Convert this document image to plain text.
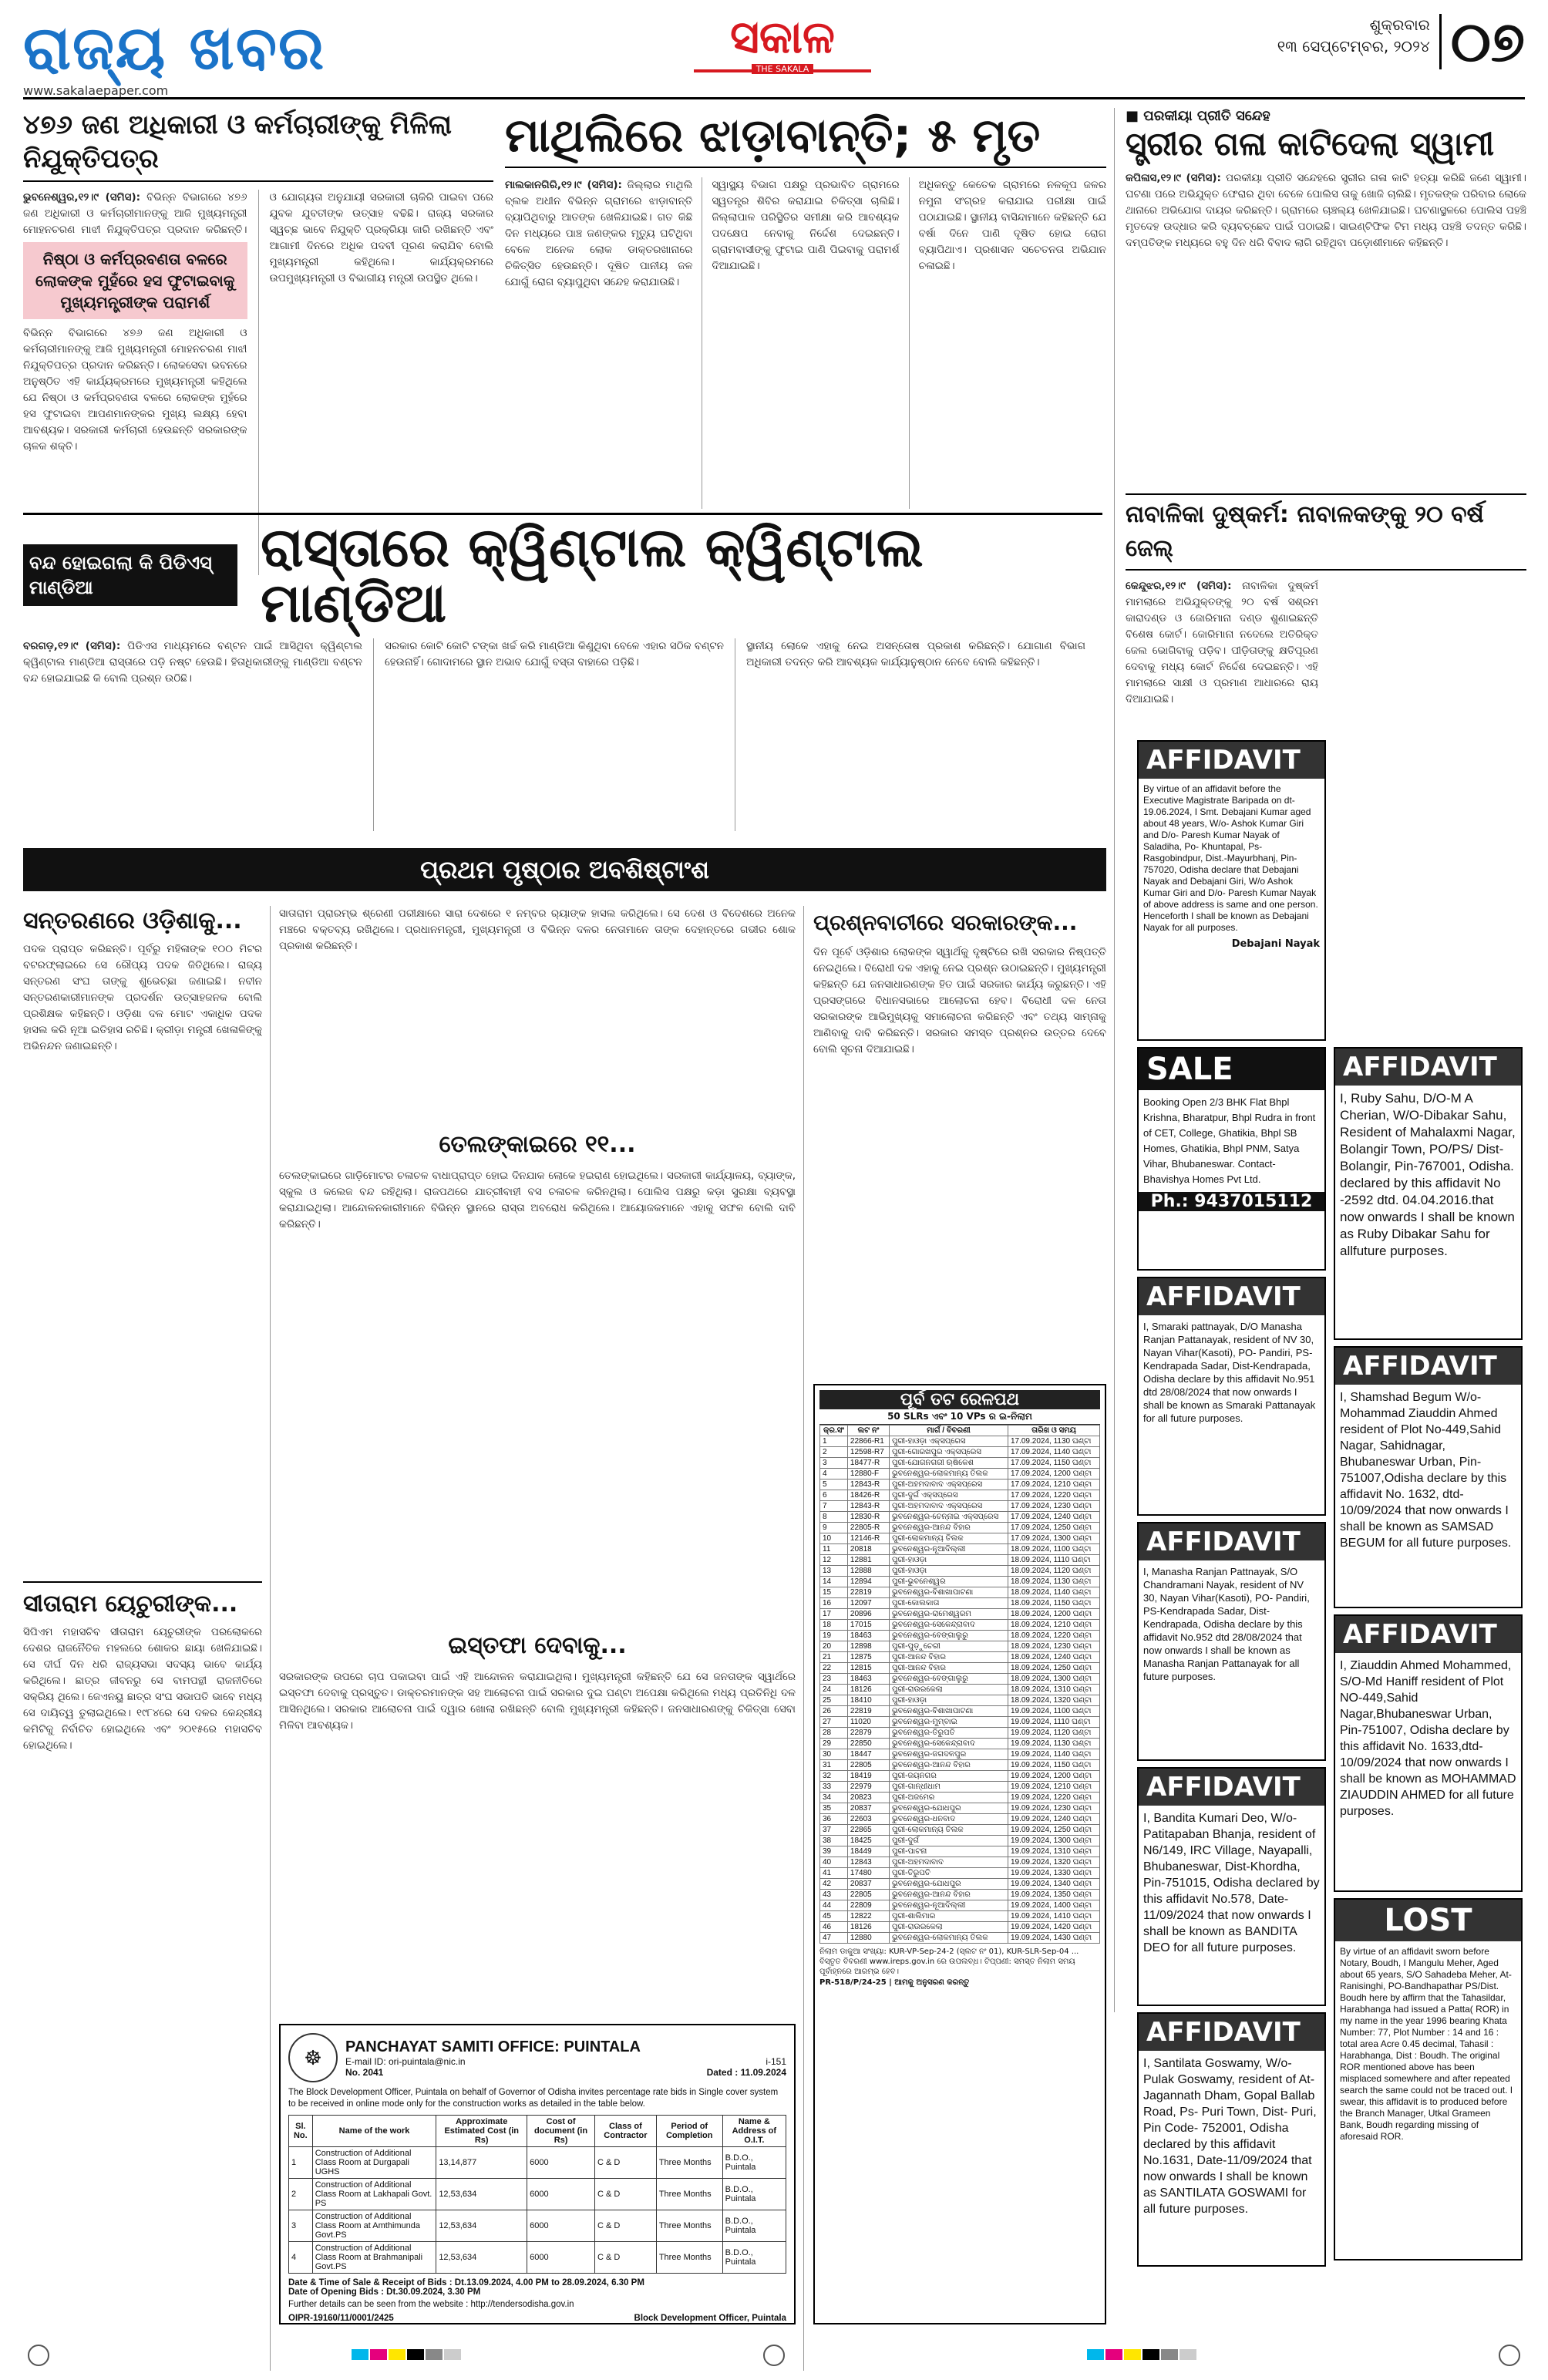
ରାଜ୍ୟ ଖବର
www.sakalaepaper.com
ସକାଳ
THE SAKALA
ଶୁକ୍ରବାର
୧୩ ସେପ୍ଟେମ୍ବର, ୨୦୨୪ ୦୭
୪୭୬ ଜଣ ଅଧିକାରୀ ଓ କର୍ମଚାରୀଙ୍କୁ ମିଳିଲା ନିଯୁକ୍ତିପତ୍ର
ଭୁବନେଶ୍ୱର,୧୨।୯ (ସମିସ): ବିଭିନ୍ନ ବିଭାଗରେ ୪୭୬ ଜଣ ଅଧିକାରୀ ଓ କର୍ମଚାରୀମାନଙ୍କୁ ଆଜି ମୁଖ୍ୟମନ୍ତ୍ରୀ ମୋହନଚରଣ ମାଝୀ ନିଯୁକ୍ତିପତ୍ର ପ୍ରଦାନ କରିଛନ୍ତି।
ନିଷ୍ଠା ଓ କର୍ମପ୍ରବଣତା ବଳରେ ଲୋକଙ୍କ ମୁହଁରେ ହସ ଫୁଟାଇବାକୁ ମୁଖ୍ୟମନ୍ତ୍ରୀଙ୍କ ପରାମର୍ଶ
ବିଭିନ୍ନ ବିଭାଗରେ ୪୭୬ ଜଣ ଅଧିକାରୀ ଓ କର୍ମଚାରୀମାନଙ୍କୁ ଆଜି ମୁଖ୍ୟମନ୍ତ୍ରୀ ମୋହନଚରଣ ମାଝୀ ନିଯୁକ୍ତିପତ୍ର ପ୍ରଦାନ କରିଛନ୍ତି। ଲୋକସେବା ଭବନରେ ଅନୁଷ୍ଠିତ ଏହି କାର୍ଯ୍ୟକ୍ରମରେ ମୁଖ୍ୟମନ୍ତ୍ରୀ କହିଥିଲେ ଯେ ନିଷ୍ଠା ଓ କର୍ମପ୍ରବଣତା ବଳରେ ଲୋକଙ୍କ ମୁହଁରେ ହସ ଫୁଟାଇବା ଆପଣମାନଙ୍କର ମୁଖ୍ୟ ଲକ୍ଷ୍ୟ ହେବା ଆବଶ୍ୟକ। ସରକାରୀ କର୍ମଚାରୀ ହେଉଛନ୍ତି ସରକାରଙ୍କ ଚାଳକ ଶକ୍ତି।
ଓ ଯୋଗ୍ୟତା ଅନୁଯାୟୀ ସରକାରୀ ଚାକିରି ପାଇବା ପରେ ଯୁବକ ଯୁବତୀଙ୍କ ଉତ୍ସାହ ବଢିଛି। ରାଜ୍ୟ ସରକାର ସ୍ୱଚ୍ଛ ଭାବେ ନିଯୁକ୍ତି ପ୍ରକ୍ରିୟା ଜାରି ରଖିଛନ୍ତି ଏବଂ ଆଗାମୀ ଦିନରେ ଅଧିକ ପଦବୀ ପୂରଣ କରାଯିବ ବୋଲି ମୁଖ୍ୟମନ୍ତ୍ରୀ କହିଥିଲେ। କାର୍ଯ୍ୟକ୍ରମରେ ଉପମୁଖ୍ୟମନ୍ତ୍ରୀ ଓ ବିଭାଗୀୟ ମନ୍ତ୍ରୀ ଉପସ୍ଥିତ ଥିଲେ।
ମାଥିଲିରେ ଝାଡ଼ାବାନ୍ତି; ୫ ମୃତ
ମାଲକାନଗିରି,୧୨।୯ (ସମିସ): ଜିଲ୍ଲାର ମାଥିଲି ବ୍ଲକ ଅଧୀନ ବିଭିନ୍ନ ଗ୍ରାମରେ ଝାଡ଼ାବାନ୍ତି ବ୍ୟାପିଥିବାରୁ ଆତଙ୍କ ଖେଳିଯାଇଛି। ଗତ କିଛି ଦିନ ମଧ୍ୟରେ ପାଞ୍ଚ ଜଣଙ୍କର ମୃତ୍ୟୁ ଘଟିଥିବା ବେଳେ ଅନେକ ଲୋକ ଡାକ୍ତରଖାନାରେ ଚିକିତ୍ସିତ ହେଉଛନ୍ତି। ଦୂଷିତ ପାନୀୟ ଜଳ ଯୋଗୁଁ ରୋଗ ବ୍ୟାପୁଥିବା ସନ୍ଦେହ କରାଯାଉଛି।
ସ୍ୱାସ୍ଥ୍ୟ ବିଭାଗ ପକ୍ଷରୁ ପ୍ରଭାବିତ ଗ୍ରାମରେ ସ୍ୱତନ୍ତ୍ର ଶିବିର କରାଯାଇ ଚିକିତ୍ସା ଚାଲିଛି। ଜିଲ୍ଲାପାଳ ପରିସ୍ଥିତିର ସମୀକ୍ଷା କରି ଆବଶ୍ୟକ ପଦକ୍ଷେପ ନେବାକୁ ନିର୍ଦ୍ଦେଶ ଦେଇଛନ୍ତି। ଗ୍ରାମବାସୀଙ୍କୁ ଫୁଟାଇ ପାଣି ପିଇବାକୁ ପରାମର୍ଶ ଦିଆଯାଇଛି।
ଅଧିକନ୍ତୁ କେତେକ ଗ୍ରାମରେ ନଳକୂପ ଜଳର ନମୁନା ସଂଗ୍ରହ କରାଯାଇ ପରୀକ୍ଷା ପାଇଁ ପଠାଯାଇଛି। ସ୍ଥାନୀୟ ବାସିନ୍ଦାମାନେ କହିଛନ୍ତି ଯେ ବର୍ଷା ଦିନେ ପାଣି ଦୂଷିତ ହୋଇ ରୋଗ ବ୍ୟାପିଥାଏ। ପ୍ରଶାସନ ସଚେତନତା ଅଭିଯାନ ଚଳାଇଛି।
■ ପରକୀୟା ପ୍ରୀତି ସନ୍ଦେହ
ସ୍ତ୍ରୀର ଗଳା କାଟିଦେଲା ସ୍ୱାମୀ
କପିଳାସ,୧୨।୯ (ସମିସ): ପରକୀୟା ପ୍ରୀତି ସନ୍ଦେହରେ ସ୍ତ୍ରୀର ଗଳା କାଟି ହତ୍ୟା କରିଛି ଜଣେ ସ୍ୱାମୀ। ଘଟଣା ପରେ ଅଭିଯୁକ୍ତ ଫେରାର ଥିବା ବେଳେ ପୋଲିସ ତାକୁ ଖୋଜି ଚାଲିଛି। ମୃତକଙ୍କ ପରିବାର ଲୋକେ ଥାନାରେ ଅଭିଯୋଗ ଦାୟର କରିଛନ୍ତି। ଗ୍ରାମରେ ଚାଞ୍ଚଲ୍ୟ ଖେଳିଯାଇଛି। ଘଟଣାସ୍ଥଳରେ ପୋଲିସ ପହଞ୍ଚି ମୃତଦେହ ଉଦ୍ଧାର କରି ବ୍ୟବଚ୍ଛେଦ ପାଇଁ ପଠାଇଛି। ସାଇଣ୍ଟିଫିକ ଟିମ ମଧ୍ୟ ପହଞ୍ଚି ତଦନ୍ତ କରିଛି। ଦମ୍ପତିଙ୍କ ମଧ୍ୟରେ ବହୁ ଦିନ ଧରି ବିବାଦ ଲାଗି ରହିଥିବା ପଡ଼ୋଶୀମାନେ କହିଛନ୍ତି।
ନାବାଳିକା ଦୁଷ୍କର୍ମ: ନାବାଳକଙ୍କୁ ୨୦ ବର୍ଷ ଜେଲ୍
କେନ୍ଦୁଝର,୧୨।୯ (ସମିସ): ନାବାଳିକା ଦୁଷ୍କର୍ମ ମାମଲାରେ ଅଭିଯୁକ୍ତଙ୍କୁ ୨୦ ବର୍ଷ ସଶ୍ରମ କାରାଦଣ୍ଡ ଓ ଜୋରିମାନା ଦଣ୍ଡ ଶୁଣାଇଛନ୍ତି ବିଶେଷ କୋର୍ଟ। ଜୋରିମାନା ନଦେଲେ ଅତିରିକ୍ତ ଜେଲ ଭୋଗିବାକୁ ପଡ଼ିବ। ପୀଡ଼ିତାଙ୍କୁ କ୍ଷତିପୂରଣ ଦେବାକୁ ମଧ୍ୟ କୋର୍ଟ ନିର୍ଦ୍ଦେଶ ଦେଇଛନ୍ତି। ଏହି ମାମଲାରେ ସାକ୍ଷୀ ଓ ପ୍ରମାଣ ଆଧାରରେ ରାୟ ଦିଆଯାଇଛି।
ବନ୍ଦ ହୋଇଗଲା କି ପିଡିଏସ୍ ମାଣ୍ଡିଆ
ରାସ୍ତାରେ କ୍ୱିଣ୍ଟାଲ କ୍ୱିଣ୍ଟାଲ ମାଣ୍ଡିଆ
ବରଗଡ଼,୧୨।୯ (ସମିସ): ପିଡିଏସ ମାଧ୍ୟମରେ ବଣ୍ଟନ ପାଇଁ ଆସିଥିବା କ୍ୱିଣ୍ଟାଲ କ୍ୱିଣ୍ଟାଲ ମାଣ୍ଡିଆ ରାସ୍ତାରେ ପଡ଼ି ନଷ୍ଟ ହେଉଛି। ହିତାଧିକାରୀଙ୍କୁ ମାଣ୍ଡିଆ ବଣ୍ଟନ ବନ୍ଦ ହୋଇଯାଇଛି କି ବୋଲି ପ୍ରଶ୍ନ ଉଠିଛି।
ସରକାର କୋଟି କୋଟି ଟଙ୍କା ଖର୍ଚ୍ଚ କରି ମାଣ୍ଡିଆ କିଣୁଥିବା ବେଳେ ଏହାର ସଠିକ ବଣ୍ଟନ ହେଉନାହିଁ। ଗୋଦାମରେ ସ୍ଥାନ ଅଭାବ ଯୋଗୁଁ ବସ୍ତା ବାହାରେ ପଡ଼ିଛି।
ସ୍ଥାନୀୟ ଲୋକେ ଏହାକୁ ନେଇ ଅସନ୍ତୋଷ ପ୍ରକାଶ କରିଛନ୍ତି। ଯୋଗାଣ ବିଭାଗ ଅଧିକାରୀ ତଦନ୍ତ କରି ଆବଶ୍ୟକ କାର୍ଯ୍ୟାନୁଷ୍ଠାନ ନେବେ ବୋଲି କହିଛନ୍ତି।
ପ୍ରଥମ ପୃଷ୍ଠାର ଅବଶିଷ୍ଟାଂଶ
ସନ୍ତରଣରେ ଓଡ଼ିଶାକୁ...
ପଦକ ପ୍ରାପ୍ତ କରିଛନ୍ତି। ପୂର୍ବରୁ ମହିଳାଙ୍କ ୧୦୦ ମିଟର ବଟରଫ୍ଲାଇରେ ସେ ରୌପ୍ୟ ପଦକ ଜିତିଥିଲେ। ରାଜ୍ୟ ସନ୍ତରଣ ସଂଘ ତାଙ୍କୁ ଶୁଭେଚ୍ଛା ଜଣାଇଛି। ନବୀନ ସନ୍ତରଣକାରୀମାନଙ୍କ ପ୍ରଦର୍ଶନ ଉତ୍ସାହଜନକ ବୋଲି ପ୍ରଶିକ୍ଷକ କହିଛନ୍ତି। ଓଡ଼ିଶା ଦଳ ମୋଟ ଏକାଧିକ ପଦକ ହାସଲ କରି ନୂଆ ଇତିହାସ ରଚିଛି। କ୍ରୀଡ଼ା ମନ୍ତ୍ରୀ ଖେଳାଳିଙ୍କୁ ଅଭିନନ୍ଦନ ଜଣାଇଛନ୍ତି।
ସୀତାରାମ ୟେଚୁରୀଙ୍କ...
ସିପିଏମ ମହାସଚିବ ସୀତାରାମ ୟେଚୁରୀଙ୍କ ପରଲୋକରେ ଦେଶର ରାଜନୈତିକ ମହଲରେ ଶୋକର ଛାୟା ଖେଳିଯାଇଛି। ସେ ଦୀର୍ଘ ଦିନ ଧରି ରାଜ୍ୟସଭା ସଦସ୍ୟ ଭାବେ କାର୍ଯ୍ୟ କରିଥିଲେ। ଛାତ୍ର ଜୀବନରୁ ସେ ବାମପନ୍ଥୀ ରାଜନୀତିରେ ସକ୍ରିୟ ଥିଲେ। ଜେଏନୟୁ ଛାତ୍ର ସଂଘ ସଭାପତି ଭାବେ ମଧ୍ୟ ସେ ଦାୟିତ୍ୱ ତୁଲାଇଥିଲେ। ୧୯୮୪ରେ ସେ ଦଳର କେନ୍ଦ୍ରୀୟ କମିଟିକୁ ନିର୍ବାଚିତ ହୋଇଥିଲେ ଏବଂ ୨୦୧୫ରେ ମହାସଚିବ ହୋଇଥିଲେ।
ସାତାରାମ ପ୍ରାରମ୍ଭ ଶ୍ରେଣୀ ପରୀକ୍ଷାରେ ସାରା ଦେଶରେ ୧ ନମ୍ବର ର‍୍ୟାଙ୍କ ହାସଲ କରିଥିଲେ। ସେ ଦେଶ ଓ ବିଦେଶରେ ଅନେକ ମଞ୍ଚରେ ବକ୍ତବ୍ୟ ରଖିଥିଲେ। ପ୍ରଧାନମନ୍ତ୍ରୀ, ମୁଖ୍ୟମନ୍ତ୍ରୀ ଓ ବିଭିନ୍ନ ଦଳର ନେତାମାନେ ତାଙ୍କ ଦେହାନ୍ତରେ ଗଭୀର ଶୋକ ପ୍ରକାଶ କରିଛନ୍ତି।
ତେଲଙ୍କାଇରେ ୧୧...
ତେଲଙ୍କାଇରେ ଗାଡ଼ିମୋଟର ଚଳାଚଳ ବାଧାପ୍ରାପ୍ତ ହୋଇ ଦିନଯାକ ଲୋକେ ହଇରାଣ ହୋଇଥିଲେ। ସରକାରୀ କାର୍ଯ୍ୟାଳୟ, ବ୍ୟାଙ୍କ, ସ୍କୁଲ ଓ କଲେଜ ବନ୍ଦ ରହିଥିଲା। ରାଜପଥରେ ଯାତ୍ରୀବାହୀ ବସ ଚଳାଚଳ କରିନଥିଲା। ପୋଲିସ ପକ୍ଷରୁ କଡ଼ା ସୁରକ୍ଷା ବ୍ୟବସ୍ଥା କରାଯାଇଥିଲା। ଆନ୍ଦୋଳନକାରୀମାନେ ବିଭିନ୍ନ ସ୍ଥାନରେ ରାସ୍ତା ଅବରୋଧ କରିଥିଲେ। ଆୟୋଜକମାନେ ଏହାକୁ ସଫଳ ବୋଲି ଦାବି କରିଛନ୍ତି।
ଇସ୍ତଫା ଦେବାକୁ...
ସରକାରଙ୍କ ଉପରେ ଚାପ ପକାଇବା ପାଇଁ ଏହି ଆନ୍ଦୋଳନ କରାଯାଇଥିଲା। ମୁଖ୍ୟମନ୍ତ୍ରୀ କହିଛନ୍ତି ଯେ ସେ ଜନତାଙ୍କ ସ୍ୱାର୍ଥରେ ଇସ୍ତଫା ଦେବାକୁ ପ୍ରସ୍ତୁତ। ଡାକ୍ତରମାନଙ୍କ ସହ ଆଲୋଚନା ପାଇଁ ସରକାର ଦୁଇ ଘଣ୍ଟା ଅପେକ୍ଷା କରିଥିଲେ ମଧ୍ୟ ପ୍ରତିନିଧି ଦଳ ଆସିନଥିଲେ। ସରକାର ଆଲୋଚନା ପାଇଁ ଦ୍ୱାର ଖୋଲା ରଖିଛନ୍ତି ବୋଲି ମୁଖ୍ୟମନ୍ତ୍ରୀ କହିଛନ୍ତି। ଜନସାଧାରଣଙ୍କୁ ଚିକିତ୍ସା ସେବା ମିଳିବା ଆବଶ୍ୟକ।
☸	PANCHAYAT SAMITI OFFICE: PUINTALA
E-mail ID: ori-puintala@nic.in	i-151
No. 2041	Dated : 11.09.2024
The Block Development Officer, Puintala on behalf of Governor of Odisha invites percentage rate bids in Single cover system to be received in online mode only for the construction works as detailed in the table below.
Sl. No.	Name of the work	Approximate Estimated Cost (in Rs)	Cost of document (in Rs)	Class of Contractor	Period of Completion	Name & Address of O.I.T.
1	Construction of Additional Class Room at Durgapali UGHS	13,14,877	6000	C & D	Three Months	B.D.O., Puintala
2	Construction of Additional Class Room at Lakhapali Govt. PS	12,53,634	6000	C & D	Three Months	B.D.O., Puintala
3	Construction of Additional Class Room at Amthimunda Govt.PS	12,53,634	6000	C & D	Three Months	B.D.O., Puintala
4	Construction of Additional Class Room at Brahmanipali Govt.PS	12,53,634	6000	C & D	Three Months	B.D.O., Puintala
Date & Time of Sale & Receipt of Bids : Dt.13.09.2024, 4.00 PM to 28.09.2024, 6.30 PM
Date of Opening Bids : Dt.30.09.2024, 3.30 PM
Further details can be seen from the website : http://tendersodisha.gov.in
OIPR-19160/11/0001/2425	Block Development Officer, Puintala
ପ୍ରଶ୍ନବାଚୀରେ ସରକାରଙ୍କ...
ଦିନ ପୂର୍ବେ ଓଡ଼ିଶାର ଲୋକଙ୍କ ସ୍ୱାର୍ଥକୁ ଦୃଷ୍ଟିରେ ରଖି ସରକାର ନିଷ୍ପତ୍ତି ନେଇଥିଲେ। ବିରୋଧୀ ଦଳ ଏହାକୁ ନେଇ ପ୍ରଶ୍ନ ଉଠାଇଛନ୍ତି। ମୁଖ୍ୟମନ୍ତ୍ରୀ କହିଛନ୍ତି ଯେ ଜନସାଧାରଣଙ୍କ ହିତ ପାଇଁ ସରକାର କାର୍ଯ୍ୟ କରୁଛନ୍ତି। ଏହି ପ୍ରସଙ୍ଗରେ ବିଧାନସଭାରେ ଆଲୋଚନା ହେବ। ବିରୋଧୀ ଦଳ ନେତା ସରକାରଙ୍କ ଆଭିମୁଖ୍ୟକୁ ସମାଲୋଚନା କରିଛନ୍ତି ଏବଂ ତଥ୍ୟ ସାମ୍ନାକୁ ଆଣିବାକୁ ଦାବି କରିଛନ୍ତି। ସରକାର ସମସ୍ତ ପ୍ରଶ୍ନର ଉତ୍ତର ଦେବେ ବୋଲି ସୂଚନା ଦିଆଯାଇଛି।
ପୂର୍ବ ତଟ ରେଳପଥ
50 SLRs ଏବଂ 10 VPs ର ଇ-ନିଲାମ
କ୍ର.ସଂ	ଲଟ ନଂ	ମାର୍ଗ / ବିବରଣୀ	ତାରିଖ ଓ ସମୟ
1	22866-R1	ପୁରୀ-ହାଓଡ଼ା ଏକ୍ସପ୍ରେସ	17.09.2024, 1130 ଘଣ୍ଟା
2	12598-R7	ପୁରୀ-ଗୋରଖପୁର ଏକ୍ସପ୍ରେସ	17.09.2024, 1140 ଘଣ୍ଟା
3	18477-R	ପୁରୀ-ଯୋଗନଗରୀ ଋଷିକେଶ	17.09.2024, 1150 ଘଣ୍ଟା
4	12880-F	ଭୁବନେଶ୍ୱର-ଲୋକମାନ୍ୟ ତିଲକ	17.09.2024, 1200 ଘଣ୍ଟା
5	12843-R	ପୁରୀ-ଅହମଦାବାଦ ଏକ୍ସପ୍ରେସ	17.09.2024, 1210 ଘଣ୍ଟା
6	18426-R	ପୁରୀ-ଦୁର୍ଗ ଏକ୍ସପ୍ରେସ	17.09.2024, 1220 ଘଣ୍ଟା
7	12843-R	ପୁରୀ-ଅହମଦାବାଦ ଏକ୍ସପ୍ରେସ	17.09.2024, 1230 ଘଣ୍ଟା
8	12830-R	ଭୁବନେଶ୍ୱର-ଚେନ୍ନାଇ ଏକ୍ସପ୍ରେସ	17.09.2024, 1240 ଘଣ୍ଟା
9	22805-R	ଭୁବନେଶ୍ୱର-ଆନନ୍ଦ ବିହାର	17.09.2024, 1250 ଘଣ୍ଟା
10	12146-R	ପୁରୀ-ଲୋକମାନ୍ୟ ତିଲକ	17.09.2024, 1300 ଘଣ୍ଟା
11	20818	ଭୁବନେଶ୍ୱର-ନୂଆଦିଲ୍ଲୀ	18.09.2024, 1100 ଘଣ୍ଟା
12	12881	ପୁରୀ-ହାଓଡ଼ା	18.09.2024, 1110 ଘଣ୍ଟା
13	12888	ପୁରୀ-ହାଓଡ଼ା	18.09.2024, 1120 ଘଣ୍ଟା
14	12894	ପୁରୀ-ଭୁବନେଶ୍ୱର	18.09.2024, 1130 ଘଣ୍ଟା
15	22819	ଭୁବନେଶ୍ୱର-ବିଶାଖାପାଟଣା	18.09.2024, 1140 ଘଣ୍ଟା
16	12097	ପୁରୀ-କୋଲକାତା	18.09.2024, 1150 ଘଣ୍ଟା
17	20896	ଭୁବନେଶ୍ୱର-ରାମେଶ୍ୱରମ	18.09.2024, 1200 ଘଣ୍ଟା
18	17015	ଭୁବନେଶ୍ୱର-ସେକେନ୍ଦ୍ରାବାଦ	18.09.2024, 1210 ଘଣ୍ଟା
19	18463	ଭୁବନେଶ୍ୱର-ବେଙ୍ଗାଲୁରୁ	18.09.2024, 1220 ଘଣ୍ଟା
20	12898	ପୁରୀ-ପୁଡ଼ୁଚେରୀ	18.09.2024, 1230 ଘଣ୍ଟା
21	12875	ପୁରୀ-ଆନନ୍ଦ ବିହାର	18.09.2024, 1240 ଘଣ୍ଟା
22	12815	ପୁରୀ-ଆନନ୍ଦ ବିହାର	18.09.2024, 1250 ଘଣ୍ଟା
23	18463	ଭୁବନେଶ୍ୱର-ବେଙ୍ଗାଲୁରୁ	18.09.2024, 1300 ଘଣ୍ଟା
24	18126	ପୁରୀ-ରାଉରକେଲା	18.09.2024, 1310 ଘଣ୍ଟା
25	18410	ପୁରୀ-ହାଓଡ଼ା	18.09.2024, 1320 ଘଣ୍ଟା
26	22819	ଭୁବନେଶ୍ୱର-ବିଶାଖାପାଟଣା	19.09.2024, 1100 ଘଣ୍ଟା
27	11020	ଭୁବନେଶ୍ୱର-ମୁମ୍ବାଇ	19.09.2024, 1110 ଘଣ୍ଟା
28	22879	ଭୁବନେଶ୍ୱର-ତିରୁପତି	19.09.2024, 1120 ଘଣ୍ଟା
29	22850	ଭୁବନେଶ୍ୱର-ସେକେନ୍ଦ୍ରାବାଦ	19.09.2024, 1130 ଘଣ୍ଟା
30	18447	ଭୁବନେଶ୍ୱର-ଜଗଦଳପୁର	19.09.2024, 1140 ଘଣ୍ଟା
31	22805	ଭୁବନେଶ୍ୱର-ଆନନ୍ଦ ବିହାର	19.09.2024, 1150 ଘଣ୍ଟା
32	18419	ପୁରୀ-ଜୟନଗର	19.09.2024, 1200 ଘଣ୍ଟା
33	22979	ପୁରୀ-ଗାନ୍ଧୀଧାମ	19.09.2024, 1210 ଘଣ୍ଟା
34	20823	ପୁରୀ-ଅଜମେର	19.09.2024, 1220 ଘଣ୍ଟା
35	20837	ଭୁବନେଶ୍ୱର-ଯୋଧପୁର	19.09.2024, 1230 ଘଣ୍ଟା
36	22603	ଭୁବନେଶ୍ୱର-ଧନବାଦ	19.09.2024, 1240 ଘଣ୍ଟା
37	22865	ପୁରୀ-ଲୋକମାନ୍ୟ ତିଲକ	19.09.2024, 1250 ଘଣ୍ଟା
38	18425	ପୁରୀ-ଦୁର୍ଗ	19.09.2024, 1300 ଘଣ୍ଟା
39	18449	ପୁରୀ-ପାଟନା	19.09.2024, 1310 ଘଣ୍ଟା
40	12843	ପୁରୀ-ଅହମଦାବାଦ	19.09.2024, 1320 ଘଣ୍ଟା
41	17480	ପୁରୀ-ତିରୁପତି	19.09.2024, 1330 ଘଣ୍ଟା
42	20837	ଭୁବନେଶ୍ୱର-ଯୋଧପୁର	19.09.2024, 1340 ଘଣ୍ଟା
43	22805	ଭୁବନେଶ୍ୱର-ଆନନ୍ଦ ବିହାର	19.09.2024, 1350 ଘଣ୍ଟା
44	22809	ଭୁବନେଶ୍ୱର-ନୂଆଦିଲ୍ଲୀ	19.09.2024, 1400 ଘଣ୍ଟା
45	12822	ପୁରୀ-ଶାଲିମାର	19.09.2024, 1410 ଘଣ୍ଟା
46	18126	ପୁରୀ-ରାଉରକେଲା	19.09.2024, 1420 ଘଣ୍ଟା
47	12880	ଭୁବନେଶ୍ୱର-ଲୋକମାନ୍ୟ ତିଲକ	19.09.2024, 1430 ଘଣ୍ଟା
ନିଲାମ ଡାକୁଆ ସଂଖ୍ୟା: KUR-VP-Sep-24-2 (ସ୍ଲଟ ନଂ 01), KUR-SLR-Sep-04 ... ବିସ୍ତୃତ ବିବରଣୀ www.ireps.gov.in ରେ ଉପଲବ୍ଧ। ଟିପ୍ପଣୀ: ସମସ୍ତ ନିଲାମ ସମୟ ପୂର୍ବାହ୍ନରେ ଆରମ୍ଭ ହେବ।
PR-518/P/24-25 | ଆମକୁ ଅନୁସରଣ କରନ୍ତୁ
AFFIDAVIT
By virtue of an affidavit before the Executive Magistrate Baripada on dt- 19.06.2024, I Smt. Debajani Kumar aged about 48 years, W/o- Ashok Kumar Giri and D/o- Paresh Kumar Nayak of Saladiha, Po- Khuntapal, Ps- Rasgobindpur, Dist.-Mayurbhanj, Pin-757020, Odisha declare that Debajani Nayak and Debajani Giri, W/o Ashok Kumar Giri and D/o- Paresh Kumar Nayak of above address is same and one person. Henceforth I shall be known as Debajani Nayak for all purposes.
Debajani Nayak
SALE
Booking Open 2/3 BHK Flat Bhpl Krishna, Bharatpur, Bhpl Rudra in front of CET, College, Ghatikia, Bhpl SB Homes, Ghatikia, Bhpl PNM, Satya Vihar, Bhubaneswar. Contact-Bhavishya Homes Pvt Ltd.
Ph.: 9437015112
AFFIDAVIT
I, Smaraki pattnayak, D/O Manasha Ranjan Pattanayak, resident of NV 30, Nayan Vihar(Kasoti), PO- Pandiri, PS-Kendrapada Sadar, Dist-Kendrapada, Odisha declare by this affidavit No.951 dtd 28/08/2024 that now onwards I shall be known as Smaraki Pattanayak for all future purposes.
AFFIDAVIT
I, Manasha Ranjan Pattnayak, S/O Chandramani Nayak, resident of NV 30, Nayan Vihar(Kasoti), PO- Pandiri, PS-Kendrapada Sadar, Dist-Kendrapada, Odisha declare by this affidavit No.952 dtd 28/08/2024 that now onwards I shall be known as Manasha Ranjan Pattanayak for all future purposes.
AFFIDAVIT
I, Bandita Kumari Deo, W/o- Patitapaban Bhanja, resident of N6/149, IRC Village, Nayapalli, Bhubaneswar, Dist-Khordha, Pin-751015, Odisha declared by this affidavit No.578, Date-11/09/2024 that now onwards I shall be known as BANDITA DEO for all future purposes.
AFFIDAVIT
I, Santilata Goswamy, W/o- Pulak Goswamy, resident of At-Jagannath Dham, Gopal Ballab Road, Ps- Puri Town, Dist- Puri, Pin Code- 752001, Odisha declared by this affidavit No.1631, Date-11/09/2024 that now onwards I shall be known as SANTILATA GOSWAMI for all future purposes.
AFFIDAVIT
I, Ruby Sahu, D/O-M A Cherian, W/O-Dibakar Sahu, Resident of Mahalaxmi Nagar, Bolangir Town, PO/PS/ Dist-Bolangir, Pin-767001, Odisha. declared by this affidavit No -2592 dtd. 04.04.2016.that now onwards I shall be known as Ruby Dibakar Sahu for allfuture purposes.
AFFIDAVIT
I, Shamshad Begum W/o-Mohammad Ziauddin Ahmed resident of Plot No-449,Sahid Nagar, Sahidnagar, Bhubaneswar Urban, Pin- 751007,Odisha declare by this affidavit No. 1632, dtd- 10/09/2024 that now onwards I shall be known as SAMSAD BEGUM for all future purposes.
AFFIDAVIT
I, Ziauddin Ahmed Mohammed, S/O-Md Haniff resident of Plot NO-449,Sahid Nagar,Bhubaneswar Urban, Pin-751007, Odisha declare by this affidavit No. 1633,dtd-10/09/2024 that now onwards I shall be known as MOHAMMAD ZIAUDDIN AHMED for all future purposes.
LOST
By virtue of an affidavit sworn before Notary, Boudh, I Mangulu Meher, Aged about 65 years, S/O Sahadeba Meher, At-Ranisinghi, PO-Bandhapathar PS/Dist. Boudh here by affirm that the Tahasildar, Harabhanga had issued a Patta( ROR) in my name in the year 1996 bearing Khata Number: 77, Plot Number : 14 and 16 : total area Acre 0.45 decimal, Tahasil : Harabhanga, Dist : Boudh. The original ROR mentioned above has been misplaced somewhere and after repeated search the same could not be traced out. I swear, this affidavit is to produced before the Branch Manager, Utkal Grameen Bank, Boudh regarding missing of aforesaid ROR.
